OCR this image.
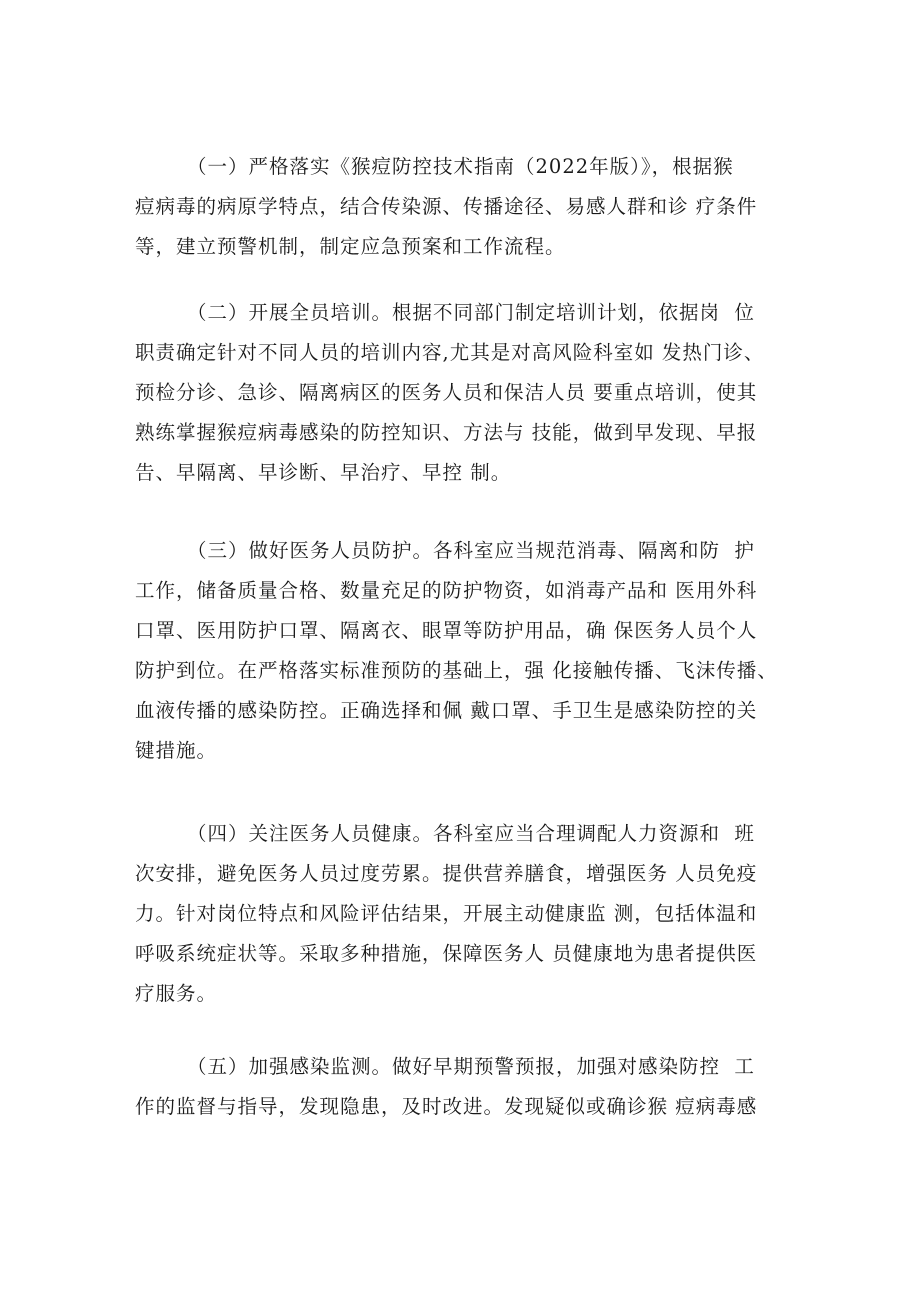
（一）严格落实《猴痘防控技术指南（2022年版）》，根据猴
痘病毒的病原学特点，结合传染源、传播途径、易感人群和诊 疗条件
等，建立预警机制，制定应急预案和工作流程。
（二）开展全员培训。根据不同部门制定培训计划，依据岗  位
职责确定针对不同人员的培训内容,尤其是对高风险科室如 发热门诊、
预检分诊、急诊、隔离病区的医务人员和保洁人员 要重点培训，使其
熟练掌握猴痘病毒感染的防控知识、方法与 技能，做到早发现、早报
告、早隔离、早诊断、早治疗、早控 制。
（三）做好医务人员防护。各科室应当规范消毒、隔离和防  护
工作，储备质量合格、数量充足的防护物资，如消毒产品和 医用外科
口罩、医用防护口罩、隔离衣、眼罩等防护用品，确 保医务人员个人
防护到位。在严格落实标准预防的基础上，强 化接触传播、飞沫传播、
血液传播的感染防控。正确选择和佩 戴口罩、手卫生是感染防控的关
键措施。
（四）关注医务人员健康。各科室应当合理调配人力资源和  班
次安排，避免医务人员过度劳累。提供营养膳食，增强医务 人员免疫
力。针对岗位特点和风险评估结果，开展主动健康监 测，包括体温和
呼吸系统症状等。采取多种措施，保障医务人 员健康地为患者提供医
疗服务。
（五）加强感染监测。做好早期预警预报，加强对感染防控  工
作的监督与指导，发现隐患，及时改进。发现疑似或确诊猴 痘病毒感
